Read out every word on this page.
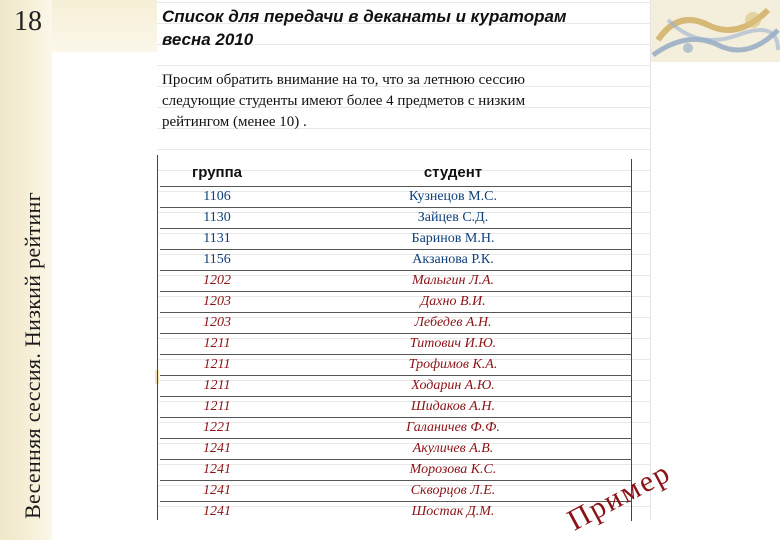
18
Весенняя сессия. Низкий рейтинг
Список для передачи в деканаты и кураторам
весна 2010
Просим обратить внимание на то, что за летнюю сессию
следующие студенты имеют более 4 предметов с низким
рейтингом (менее 10) .
группа	студент
1106	Кузнецов М.С.
1130	Зайцев С.Д.
1131	Баринов М.Н.
1156	Акзанова Р.К.
1202	Малыгин Л.А.
1203	Дахно В.И.
1203	Лебедев А.Н.
1211	Титович И.Ю.
1211	Трофимов К.А.
1211	Ходарин А.Ю.
1211	Шидаков А.Н.
1221	Галаничев Ф.Ф.
1241	Акуличев А.В.
1241	Морозова К.С.
1241	Скворцов Л.Е.
1241	Шостак Д.М. Пример
